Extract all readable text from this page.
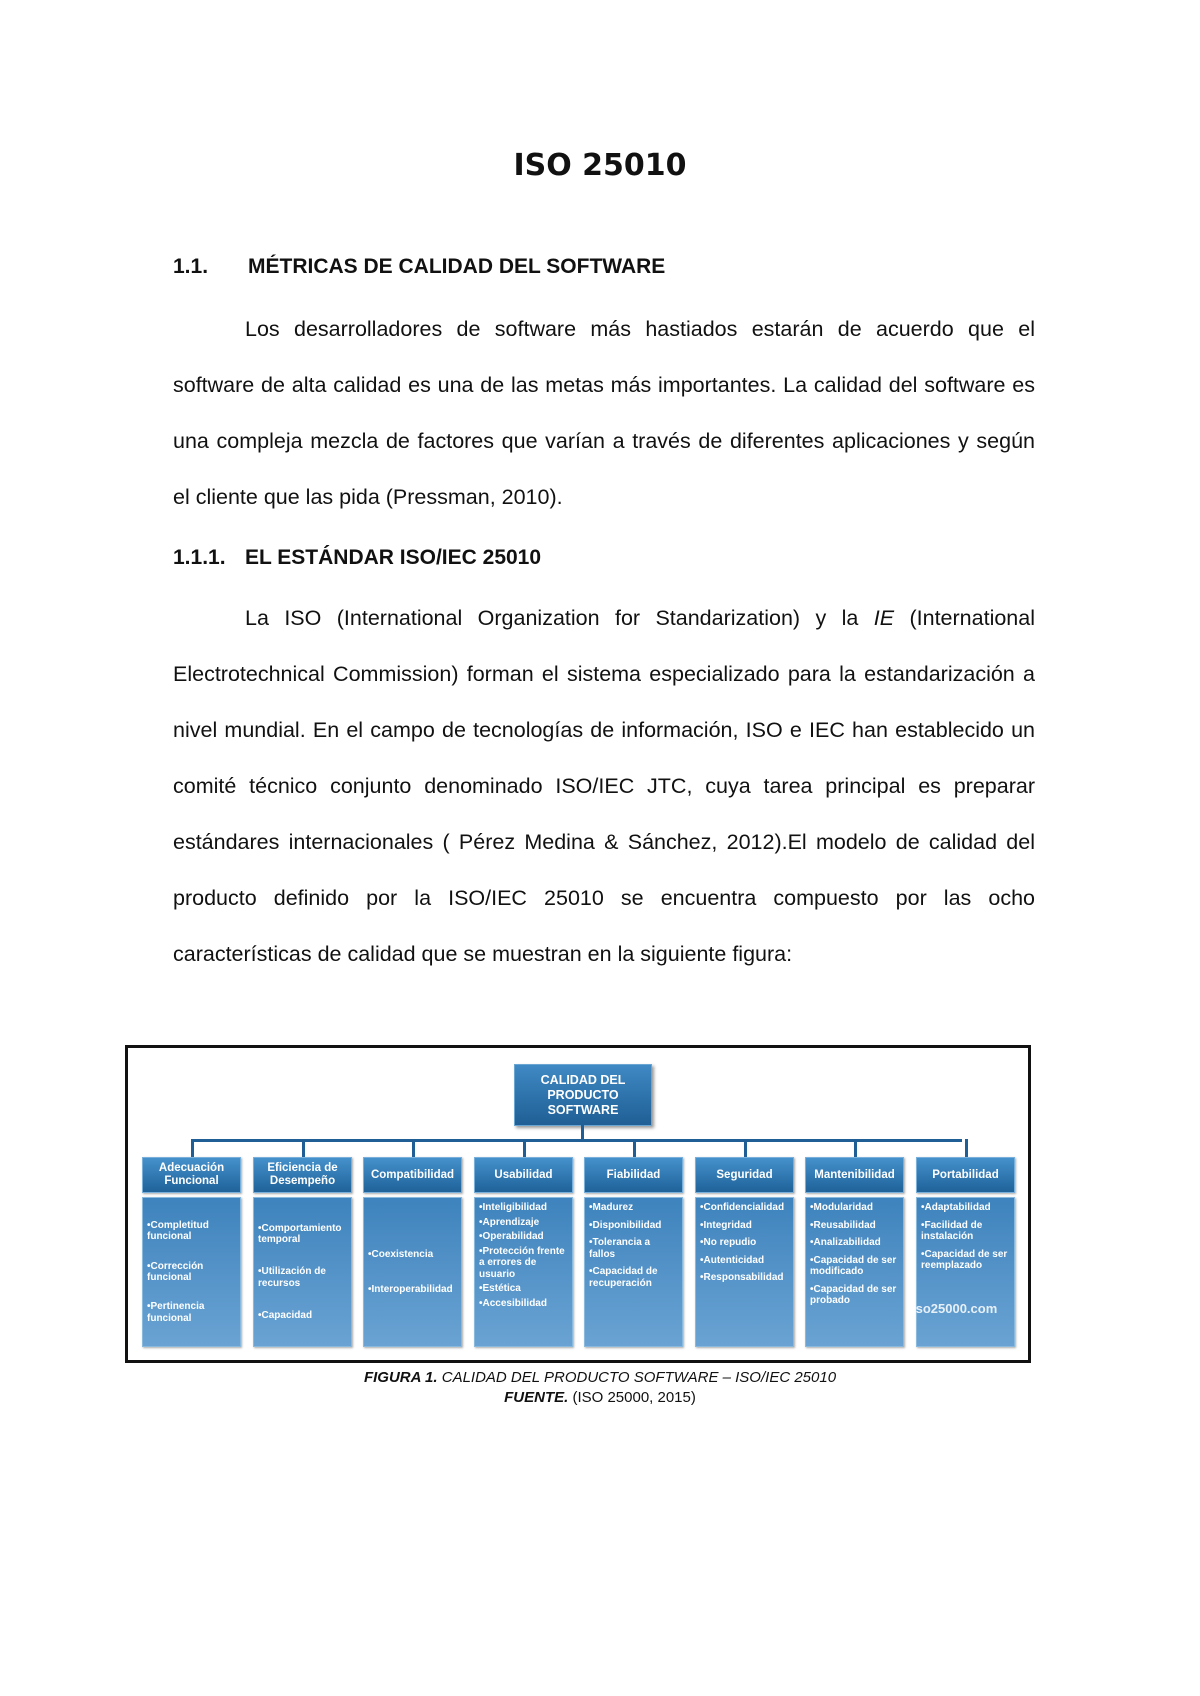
ISO 25010
1.1. MÉTRICAS DE CALIDAD DEL SOFTWARE

Los desarrolladores de software más hastiados estarán de acuerdo que el software de alta calidad es una de las metas más importantes. La calidad del software es una compleja mezcla de factores que varían a través de diferentes aplicaciones y según el cliente que las pida (Pressman, 2010).

1.1.1. EL ESTÁNDAR ISO/IEC 25010

La ISO (International Organization for Standarization) y la IE (International Electrotechnical Commission) forman el sistema especializado para la estandarización a nivel mundial. En el campo de tecnologías de información, ISO e IEC han establecido un comité técnico conjunto denominado ISO/IEC JTC, cuya tarea principal es preparar estándares internacionales ( Pérez Medina & Sánchez, 2012).El modelo de calidad del producto definido por la ISO/IEC 25010 se encuentra compuesto por las ocho características de calidad que se muestran en la siguiente figura:

CALIDAD DEL PRODUCTO SOFTWARE
Adecuación Funcional
•Completitud funcional
•Corrección funcional
•Pertinencia funcional
Eficiencia de Desempeño
•Comportamiento temporal
•Utilización de recursos
•Capacidad
Compatibilidad
•Coexistencia
•Interoperabilidad
Usabilidad
•Inteligibilidad
•Aprendizaje
•Operabilidad
•Protección frente a errores de usuario
•Estética
•Accesibilidad
Fiabilidad
•Madurez
•Disponibilidad
•Tolerancia a fallos
•Capacidad de recuperación
Seguridad
•Confidencialidad
•Integridad
•No repudio
•Autenticidad
•Responsabilidad
Mantenibilidad
•Modularidad
•Reusabilidad
•Analizabilidad
•Capacidad de ser modificado
•Capacidad de ser probado
Portabilidad
•Adaptabilidad
•Facilidad de instalación
•Capacidad de ser reemplazado
iso25000.com
FIGURA 1. CALIDAD DEL PRODUCTO SOFTWARE – ISO/IEC 25010
FUENTE. (ISO 25000, 2015)
